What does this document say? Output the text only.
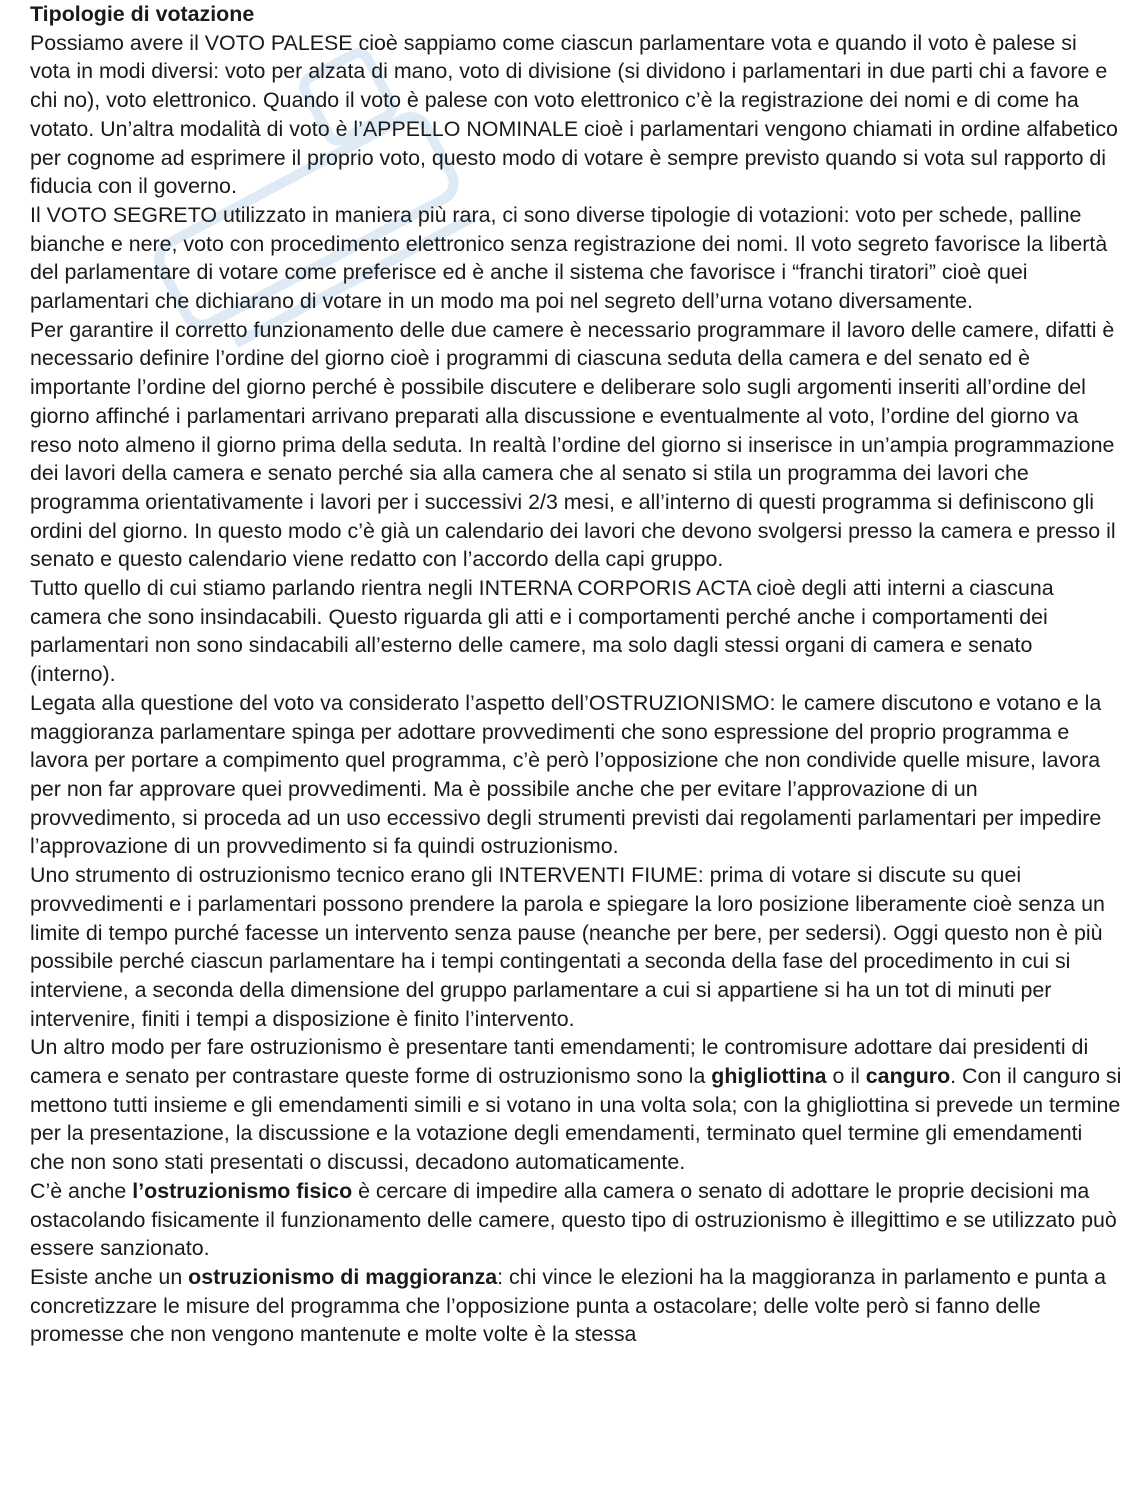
Tipologie di votazione

Possiamo avere il VOTO PALESE cioè sappiamo come ciascun parlamentare vota e quando il voto è palese si vota in modi diversi: voto per alzata di mano, voto di divisione (si dividono i parlamentari in due parti chi a favore e chi no), voto elettronico. Quando il voto è palese con voto elettronico c’è la registrazione dei nomi e di come ha votato. Un’altra modalità di voto è l’APPELLO NOMINALE cioè i parlamentari vengono chiamati in ordine alfabetico per cognome ad esprimere il proprio voto, questo modo di votare è sempre previsto quando si vota sul rapporto di fiducia con il governo.

Il VOTO SEGRETO utilizzato in maniera più rara, ci sono diverse tipologie di votazioni: voto per schede, palline bianche e nere, voto con procedimento elettronico senza registrazione dei nomi. Il voto segreto favorisce la libertà del parlamentare di votare come preferisce ed è anche il sistema che favorisce i “franchi tiratori” cioè quei parlamentari che dichiarano di votare in un modo ma poi nel segreto dell’urna votano diversamente.

Per garantire il corretto funzionamento delle due camere è necessario programmare il lavoro delle camere, difatti è necessario definire l’ordine del giorno cioè i programmi di ciascuna seduta della camera e del senato ed è importante l’ordine del giorno perché è possibile discutere e deliberare solo sugli argomenti inseriti all’ordine del giorno affinché i parlamentari arrivano preparati alla discussione e eventualmente al voto, l’ordine del giorno va reso noto almeno il giorno prima della seduta. In realtà l’ordine del giorno si inserisce in un’ampia programmazione dei lavori della camera e senato perché sia alla camera che al senato si stila un programma dei lavori che programma orientativamente i lavori per i successivi 2/3 mesi, e all’interno di questi programma si definiscono gli ordini del giorno. In questo modo c’è già un calendario dei lavori che devono svolgersi presso la camera e presso il senato e questo calendario viene redatto con l’accordo della capi gruppo.

Tutto quello di cui stiamo parlando rientra negli INTERNA CORPORIS ACTA cioè degli atti interni a ciascuna camera che sono insindacabili. Questo riguarda gli atti e i comportamenti perché anche i comportamenti dei parlamentari non sono sindacabili all’esterno delle camere, ma solo dagli stessi organi di camera e senato (interno).

Legata alla questione del voto va considerato l’aspetto dell’OSTRUZIONISMO: le camere discutono e votano e la maggioranza parlamentare spinga per adottare provvedimenti che sono espressione del proprio programma e lavora per portare a compimento quel programma, c’è però l’opposizione che non condivide quelle misure, lavora per non far approvare quei provvedimenti. Ma è possibile anche che per evitare l’approvazione di un provvedimento, si proceda ad un uso eccessivo degli strumenti previsti dai regolamenti parlamentari per impedire l’approvazione di un provvedimento si fa quindi ostruzionismo.

Uno strumento di ostruzionismo tecnico erano gli INTERVENTI FIUME: prima di votare si discute su quei provvedimenti e i parlamentari possono prendere la parola e spiegare la loro posizione liberamente cioè senza un limite di tempo purché facesse un intervento senza pause (neanche per bere, per sedersi). Oggi questo non è più possibile perché ciascun parlamentare ha i tempi contingentati a seconda della fase del procedimento in cui si interviene, a seconda della dimensione del gruppo parlamentare a cui si appartiene si ha un tot di minuti per intervenire, finiti i tempi a disposizione è finito l’intervento.

Un altro modo per fare ostruzionismo è presentare tanti emendamenti; le contromisure adottare dai presidenti di camera e senato per contrastare queste forme di ostruzionismo sono la ghigliottina o il canguro. Con il canguro si mettono tutti insieme e gli emendamenti simili e si votano in una volta sola; con la ghigliottina si prevede un termine per la presentazione, la discussione e la votazione degli emendamenti, terminato quel termine gli emendamenti che non sono stati presentati o discussi, decadono automaticamente.

C’è anche l’ostruzionismo fisico è cercare di impedire alla camera o senato di adottare le proprie decisioni ma ostacolando fisicamente il funzionamento delle camere, questo tipo di ostruzionismo è illegittimo e se utilizzato può essere sanzionato.

Esiste anche un ostruzionismo di maggioranza: chi vince le elezioni ha la maggioranza in parlamento e punta a concretizzare le misure del programma che l’opposizione punta a ostacolare; delle volte però si fanno delle promesse che non vengono mantenute e molte volte è la stessa
